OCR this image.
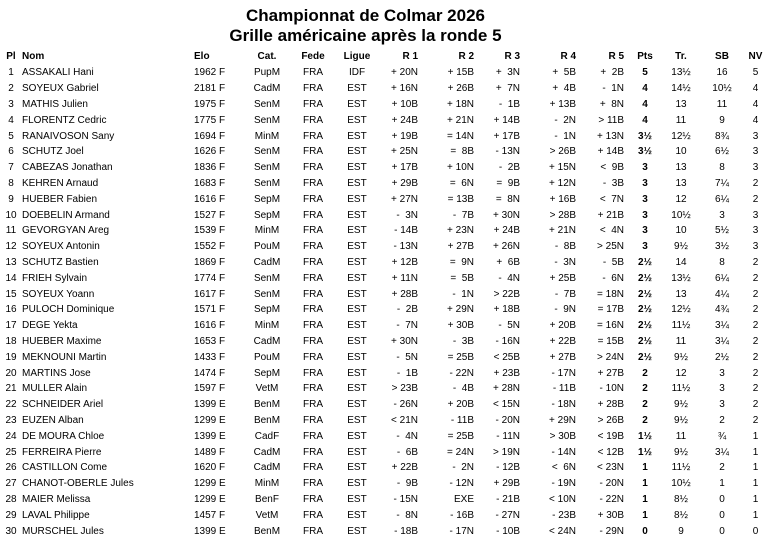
Championnat de Colmar 2026
Grille américaine après la ronde 5
Pl	Nom	Elo	Cat.	Fede	Ligue	R 1	R 2	R 3	R 4	R 5	Pts	Tr.	SB	NV
1	ASSAKALI Hani	1962 F	PupM	FRA	IDF	+ 20N	+ 15B	+  3N	+  5B	+  2B	5	13½	16	5
2	SOYEUX Gabriel	2181 F	CadM	FRA	EST	+ 16N	+ 26B	+  7N	+  4B	-  1N	4	14½	10½	4
3	MATHIS Julien	1975 F	SenM	FRA	EST	+ 10B	+ 18N	-  1B	+ 13B	+  8N	4	13	11	4
4	FLORENTZ Cedric	1775 F	SenM	FRA	EST	+ 24B	+ 21N	+ 14B	-  2N	> 11B	4	11	9	4
5	RANAIVOSON Sany	1694 F	MinM	FRA	EST	+ 19B	= 14N	+ 17B	-  1N	+ 13N	3½	12½	8¾	3
6	SCHUTZ Joel	1626 F	SenM	FRA	EST	+ 25N	=  8B	- 13N	> 26B	+ 14B	3½	10	6½	3
7	CABEZAS Jonathan	1836 F	SenM	FRA	EST	+ 17B	+ 10N	-  2B	+ 15N	<  9B	3	13	8	3
8	KEHREN Arnaud	1683 F	SenM	FRA	EST	+ 29B	=  6N	=  9B	+ 12N	-  3B	3	13	7¼	2
9	HUEBER Fabien	1616 F	SepM	FRA	EST	+ 27N	= 13B	=  8N	+ 16B	<  7N	3	12	6¼	2
10	DOEBELIN Armand	1527 F	SepM	FRA	EST	-  3N	-  7B	+ 30N	> 28B	+ 21B	3	10½	3	3
11	GEVORGYAN Areg	1539 F	MinM	FRA	EST	- 14B	+ 23N	+ 24B	+ 21N	<  4N	3	10	5½	3
12	SOYEUX Antonin	1552 F	PouM	FRA	EST	- 13N	+ 27B	+ 26N	-  8B	> 25N	3	9½	3½	3
13	SCHUTZ Bastien	1869 F	CadM	FRA	EST	+ 12B	=  9N	+  6B	-  3N	-  5B	2½	14	8	2
14	FRIEH Sylvain	1774 F	SenM	FRA	EST	+ 11N	=  5B	-  4N	+ 25B	-  6N	2½	13½	6¼	2
15	SOYEUX Yoann	1617 F	SenM	FRA	EST	+ 28B	-  1N	> 22B	-  7B	= 18N	2½	13	4¼	2
16	PULOCH Dominique	1571 F	SepM	FRA	EST	-  2B	+ 29N	+ 18B	-  9N	= 17B	2½	12½	4¾	2
17	DEGE Yekta	1616 F	MinM	FRA	EST	-  7N	+ 30B	-  5N	+ 20B	= 16N	2½	11½	3¼	2
18	HUEBER Maxime	1653 F	CadM	FRA	EST	+ 30N	-  3B	- 16N	+ 22B	= 15B	2½	11	3¼	2
19	MEKNOUNI Martin	1433 F	PouM	FRA	EST	-  5N	= 25B	< 25B	+ 27B	> 24N	2½	9½	2½	2
20	MARTINS Jose	1474 F	SepM	FRA	EST	-  1B	- 22N	+ 23B	- 17N	+ 27B	2	12	3	2
21	MULLER Alain	1597 F	VetM	FRA	EST	> 23B	-  4B	+ 28N	- 11B	- 10N	2	11½	3	2
22	SCHNEIDER Ariel	1399 E	BenM	FRA	EST	- 26N	+ 20B	< 15N	- 18N	+ 28B	2	9½	3	2
23	EUZEN Alban	1299 E	BenM	FRA	EST	< 21N	- 11B	- 20N	+ 29N	> 26B	2	9½	2	2
24	DE MOURA Chloe	1399 E	CadF	FRA	EST	-  4N	= 25B	- 11N	> 30B	< 19B	1½	11	¾	1
25	FERREIRA Pierre	1489 F	CadM	FRA	EST	-  6B	= 24N	> 19N	- 14N	< 12B	1½	9½	3¼	1
26	CASTILLON Come	1620 F	CadM	FRA	EST	+ 22B	-  2N	- 12B	<  6N	< 23N	1	11½	2	1
27	CHANOT-OBERLE Jules	1299 E	MinM	FRA	EST	-  9B	- 12N	+ 29B	- 19N	- 20N	1	10½	1	1
28	MAIER Melissa	1299 E	BenF	FRA	EST	- 15N	EXE	- 21B	< 10N	- 22N	1	8½	0	1
29	LAVAL Philippe	1457 F	VetM	FRA	EST	-  8N	- 16B	- 27N	- 23B	+ 30B	1	8½	0	1
30	MURSCHEL Jules	1399 E	BenM	FRA	EST	- 18B	- 17N	- 10B	< 24N	- 29N	0	9	0	0
